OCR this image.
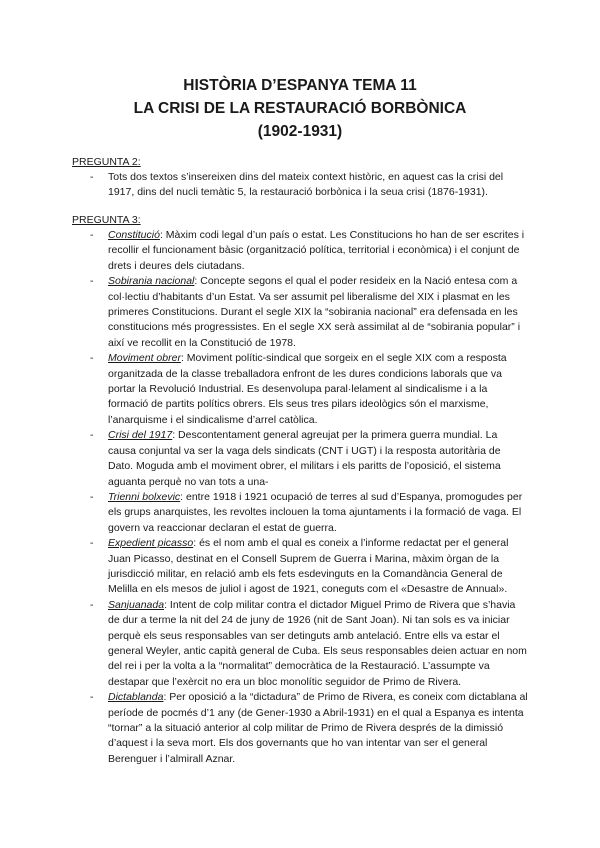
HISTÒRIA D’ESPANYA TEMA 11
LA CRISI DE LA RESTAURACIÓ BORBÒNICA
(1902-1931)

PREGUNTA 2:

- Tots dos textos s’insereixen dins del mateix context històric, en aquest cas la crisi del 1917, dins del nucli temàtic 5, la restauració borbònica i la seua crisi (1876-1931).

PREGUNTA 3:

- Constitució: Màxim codi legal d’un país o estat. Les Constitucions ho han de ser escrites i recollir el funcionament bàsic (organització política, territorial i econòmica) i el conjunt de drets i deures dels ciutadans.
- Sobirania nacional: Concepte segons el qual el poder resideix en la Nació entesa com a col·lectiu d’habitants d’un Estat. Va ser assumit pel liberalisme del XIX i plasmat en les primeres Constitucions. Durant el segle XIX la “sobirania nacional” era defensada en les constitucions més progressistes. En el segle XX serà assimilat al de “sobirania popular” i així ve recollit en la Constitució de 1978.
- Moviment obrer: Moviment polític-sindical que sorgeix en el segle XIX com a resposta organitzada de la classe treballadora enfront de les dures condicions laborals que va portar la Revolució Industrial. Es desenvolupa paral·lelament al sindicalisme i a la formació de partits polítics obrers. Els seus tres pilars ideològics són el marxisme, l’anarquisme i el sindicalisme d’arrel catòlica.
- Crisi del 1917: Descontentament general agreujat per la primera guerra mundial. La causa conjuntal va ser la vaga dels sindicats (CNT i UGT) i la resposta autoritària de Dato. Moguda amb el moviment obrer, el militars i els paritts de l’oposició, el sistema aguanta perquè no van tots a una-
- Trienni bolxevic: entre 1918 i 1921 ocupació de terres al sud d’Espanya, promogudes per els grups anarquistes, les revoltes inclouen la toma ajuntaments i la formació de vaga. El govern va reaccionar declaran el estat de guerra.
- Expedient picasso: és el nom amb el qual es coneix a l’informe redactat per el general Juan Picasso, destinat en el Consell Suprem de Guerra i Marina, màxim òrgan de la jurisdicció militar, en relació amb els fets esdevinguts en la Comandància General de Melilla en els mesos de juliol i agost de 1921, coneguts com el «Desastre de Annual».
- Sanjuanada: Intent de colp militar contra el dictador Miguel Primo de Rivera que s’havia de dur a terme la nit del 24 de juny de 1926 (nit de Sant Joan). Ni tan sols es va iniciar perquè els seus responsables van ser detinguts amb antelació. Entre ells va estar el general Weyler, antic capità general de Cuba. Els seus responsables deien actuar en nom del rei i per la volta a la “normalitat” democràtica de la Restauració. L’assumpte va destapar que l’exèrcit no era un bloc monolític seguidor de Primo de Rivera.
- Dictablanda: Per oposició a la “dictadura” de Primo de Rivera, es coneix com dictablana al període de pocmés d’1 any (de Gener-1930 a Abril-1931) en el qual a Espanya es intenta “tornar” a la situació anterior al colp militar de Primo de Rivera després de la dimissió d’aquest i la seva mort. Els dos governants que ho van intentar van ser el general Berenguer i l’almirall Aznar.
